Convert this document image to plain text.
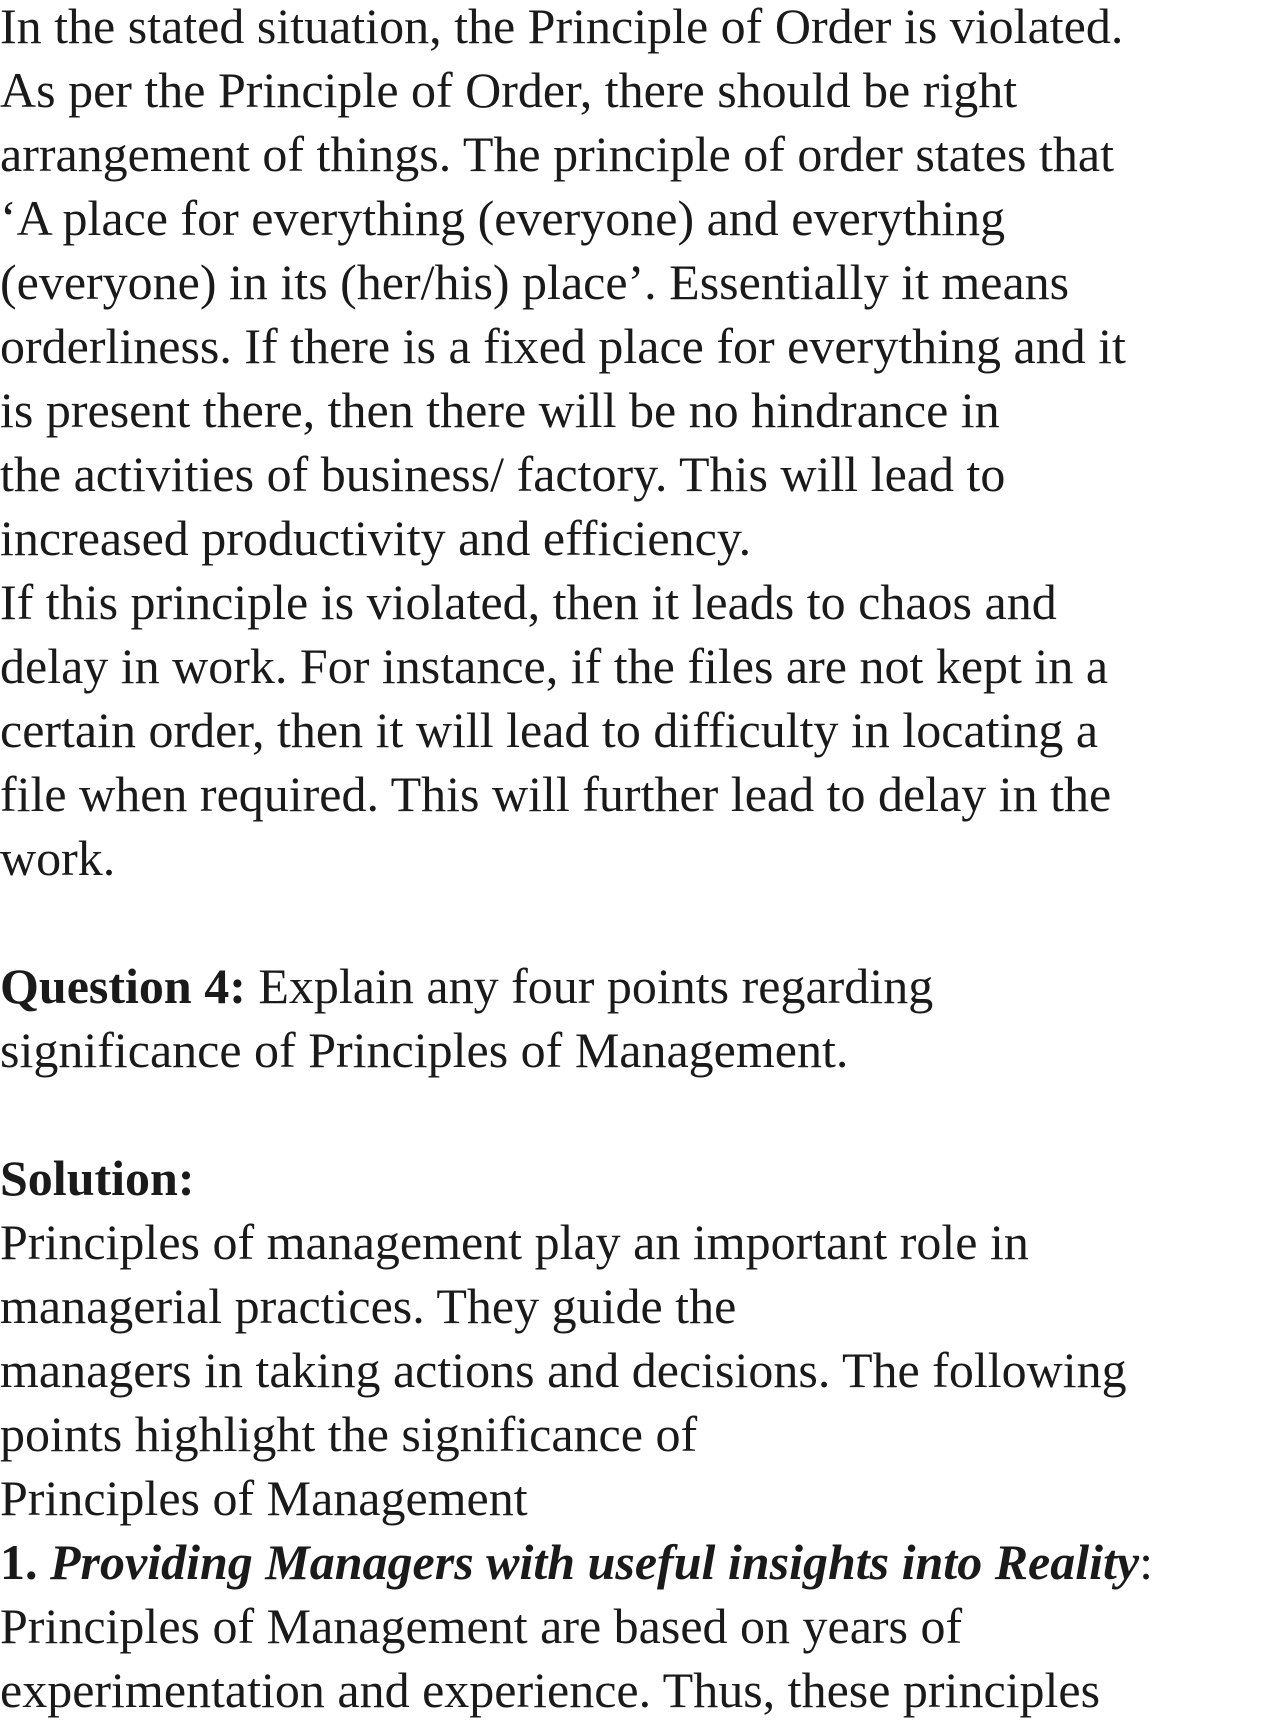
In the stated situation, the Principle of Order is violated.
As per the Principle of Order, there should be right
arrangement of things. The principle of order states that
‘A place for everything (everyone) and everything
(everyone) in its (her/his) place’. Essentially it means
orderliness. If there is a fixed place for everything and it
is present there, then there will be no hindrance in
the activities of business/ factory. This will lead to
increased productivity and efficiency.
If this principle is violated, then it leads to chaos and
delay in work. For instance, if the files are not kept in a
certain order, then it will lead to difficulty in locating a
file when required. This will further lead to delay in the
work.
Question 4: Explain any four points regarding
significance of Principles of Management.
Solution:
Principles of management play an important role in
managerial practices. They guide the
managers in taking actions and decisions. The following
points highlight the significance of
Principles of Management
1. Providing Managers with useful insights into Reality:
Principles of Management are based on years of
experimentation and experience. Thus, these principles
